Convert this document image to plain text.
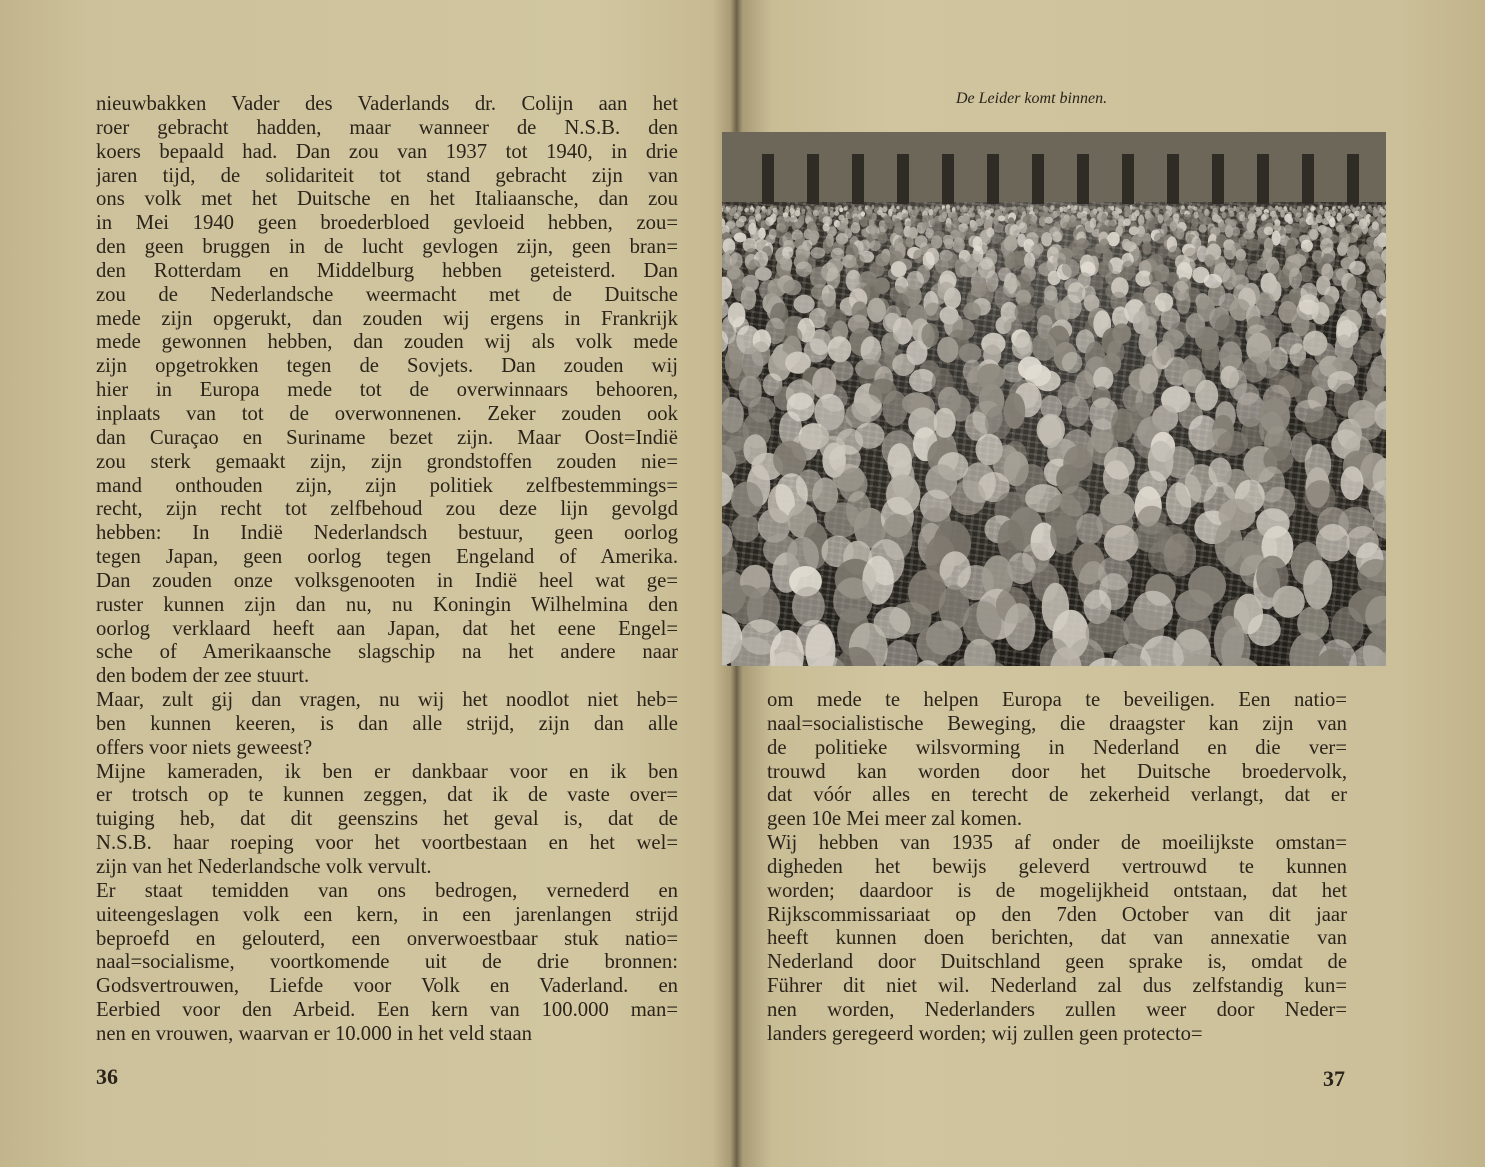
nieuwbakken Vader des Vaderlands dr. Colijn aan het

roer gebracht hadden, maar wanneer de N.S.B. den

koers bepaald had. Dan zou van 1937 tot 1940, in drie

jaren tijd, de solidariteit tot stand gebracht zijn van

ons volk met het Duitsche en het Italiaansche, dan zou

in Mei 1940 geen broederbloed gevloeid hebben, zou=

den geen bruggen in de lucht gevlogen zijn, geen bran=

den Rotterdam en Middelburg hebben geteisterd. Dan

zou de Nederlandsche weermacht met de Duitsche

mede zijn opgerukt, dan zouden wij ergens in Frankrijk

mede gewonnen hebben, dan zouden wij als volk mede

zijn opgetrokken tegen de Sovjets. Dan zouden wij

hier in Europa mede tot de overwinnaars behooren,

inplaats van tot de overwonnenen. Zeker zouden ook

dan Curaçao en Suriname bezet zijn. Maar Oost=Indië

zou sterk gemaakt zijn, zijn grondstoffen zouden nie=

mand onthouden zijn, zijn politiek zelfbestemmings=

recht, zijn recht tot zelfbehoud zou deze lijn gevolgd

hebben: In Indië Nederlandsch bestuur, geen oorlog

tegen Japan, geen oorlog tegen Engeland of Amerika.

Dan zouden onze volksgenooten in Indië heel wat ge=

ruster kunnen zijn dan nu, nu Koningin Wilhelmina den

oorlog verklaard heeft aan Japan, dat het eene Engel=

sche of Amerikaansche slagschip na het andere naar

den bodem der zee stuurt.

Maar, zult gij dan vragen, nu wij het noodlot niet heb=

ben kunnen keeren, is dan alle strijd, zijn dan alle

offers voor niets geweest?

Mijne kameraden, ik ben er dankbaar voor en ik ben

er trotsch op te kunnen zeggen, dat ik de vaste over=

tuiging heb, dat dit geenszins het geval is, dat de

N.S.B. haar roeping voor het voortbestaan en het wel=

zijn van het Nederlandsche volk vervult.

Er staat temidden van ons bedrogen, vernederd en

uiteengeslagen volk een kern, in een jarenlangen strijd

beproefd en gelouterd, een onverwoestbaar stuk natio=

naal=socialisme, voortkomende uit de drie bronnen:

Godsvertrouwen, Liefde voor Volk en Vaderland. en

Eerbied voor den Arbeid. Een kern van 100.000 man=

nen en vrouwen, waarvan er 10.000 in het veld staan

36
De Leider komt binnen.

om mede te helpen Europa te beveiligen. Een natio=

naal=socialistische Beweging, die draagster kan zijn van

de politieke wilsvorming in Nederland en die ver=

trouwd kan worden door het Duitsche broedervolk,

dat vóór alles en terecht de zekerheid verlangt, dat er

geen 10e Mei meer zal komen.

Wij hebben van 1935 af onder de moeilijkste omstan=

digheden het bewijs geleverd vertrouwd te kunnen

worden; daardoor is de mogelijkheid ontstaan, dat het

Rijkscommissariaat op den 7den October van dit jaar

heeft kunnen doen berichten, dat van annexatie van

Nederland door Duitschland geen sprake is, omdat de

Führer dit niet wil. Nederland zal dus zelfstandig kun=

nen worden, Nederlanders zullen weer door Neder=

landers geregeerd worden; wij zullen geen protecto=

37
